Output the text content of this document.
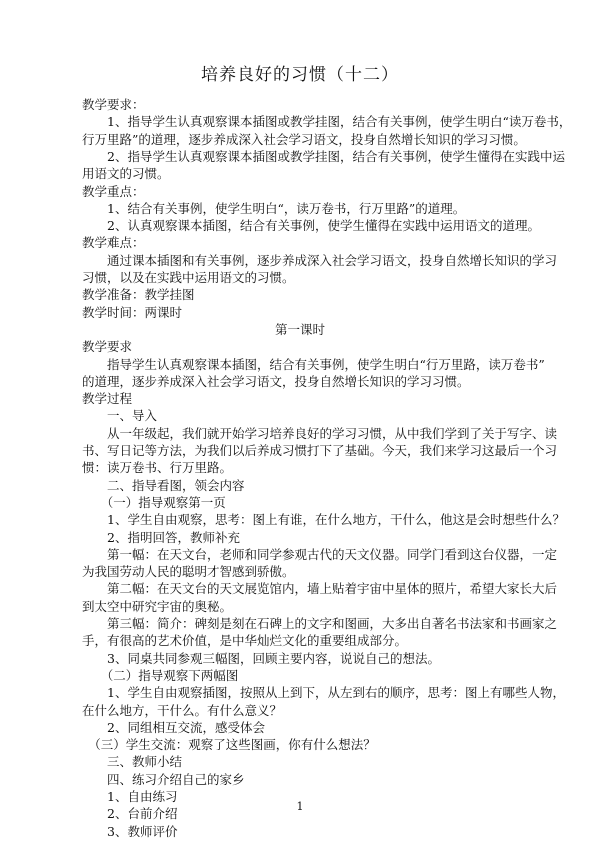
培养良好的习惯（十二）
教学要求：
　　1、指导学生认真观察课本插图或教学挂图，结合有关事例，使学生明白“读万卷书，
行万里路”的道理，逐步养成深入社会学习语文，投身自然增长知识的学习习惯。
　　2、指导学生认真观察课本插图或教学挂图，结合有关事例，使学生懂得在实践中运
用语文的习惯。
教学重点：
　　1、结合有关事例，使学生明白“，读万卷书，行万里路”的道理。
　　2、认真观察课本插图，结合有关事例，使学生懂得在实践中运用语文的道理。
教学难点：
　　通过课本插图和有关事例，逐步养成深入社会学习语文，投身自然增长知识的学习
习惯，以及在实践中运用语文的习惯。
教学准备：教学挂图
教学时间：两课时
第一课时
教学要求
　　指导学生认真观察课本插图，结合有关事例，使学生明白“行万里路，读万卷书”
的道理，逐步养成深入社会学习语文，投身自然增长知识的学习习惯。
教学过程
　　一、导入
　　从一年级起，我们就开始学习培养良好的学习习惯，从中我们学到了关于写字、读
书、写日记等方法，为我们以后养成习惯打下了基础。今天，我们来学习这最后一个习
惯：读万卷书、行万里路。
　　二、指导看图，领会内容
　　（一）指导观察第一页
　　1、学生自由观察，思考：图上有谁，在什么地方，干什么，他这是会时想些什么？
　　2、指明回答，教师补充
　　第一幅：在天文台，老师和同学参观古代的天文仪器。同学门看到这台仪器，一定
为我国劳动人民的聪明才智感到骄傲。
　　第二幅：在天文台的天文展览馆内，墙上贴着宇宙中星体的照片，希望大家长大后
到太空中研究宇宙的奥秘。
　　第三幅：简介：碑刻是刻在石碑上的文字和图画，大多出自著名书法家和书画家之
手，有很高的艺术价值，是中华灿烂文化的重要组成部分。
　　3、同桌共同参观三幅图，回顾主要内容，说说自己的想法。
　　（二）指导观察下两幅图
　　1、学生自由观察插图，按照从上到下，从左到右的顺序，思考：图上有哪些人物，
在什么地方，干什么。有什么意义？
　　2、同组相互交流，感受体会
　（三）学生交流：观察了这些图画，你有什么想法？
　　三、教师小结
　　四、练习介绍自己的家乡
　　1、自由练习
　　2、台前介绍
　　3、教师评价
1
